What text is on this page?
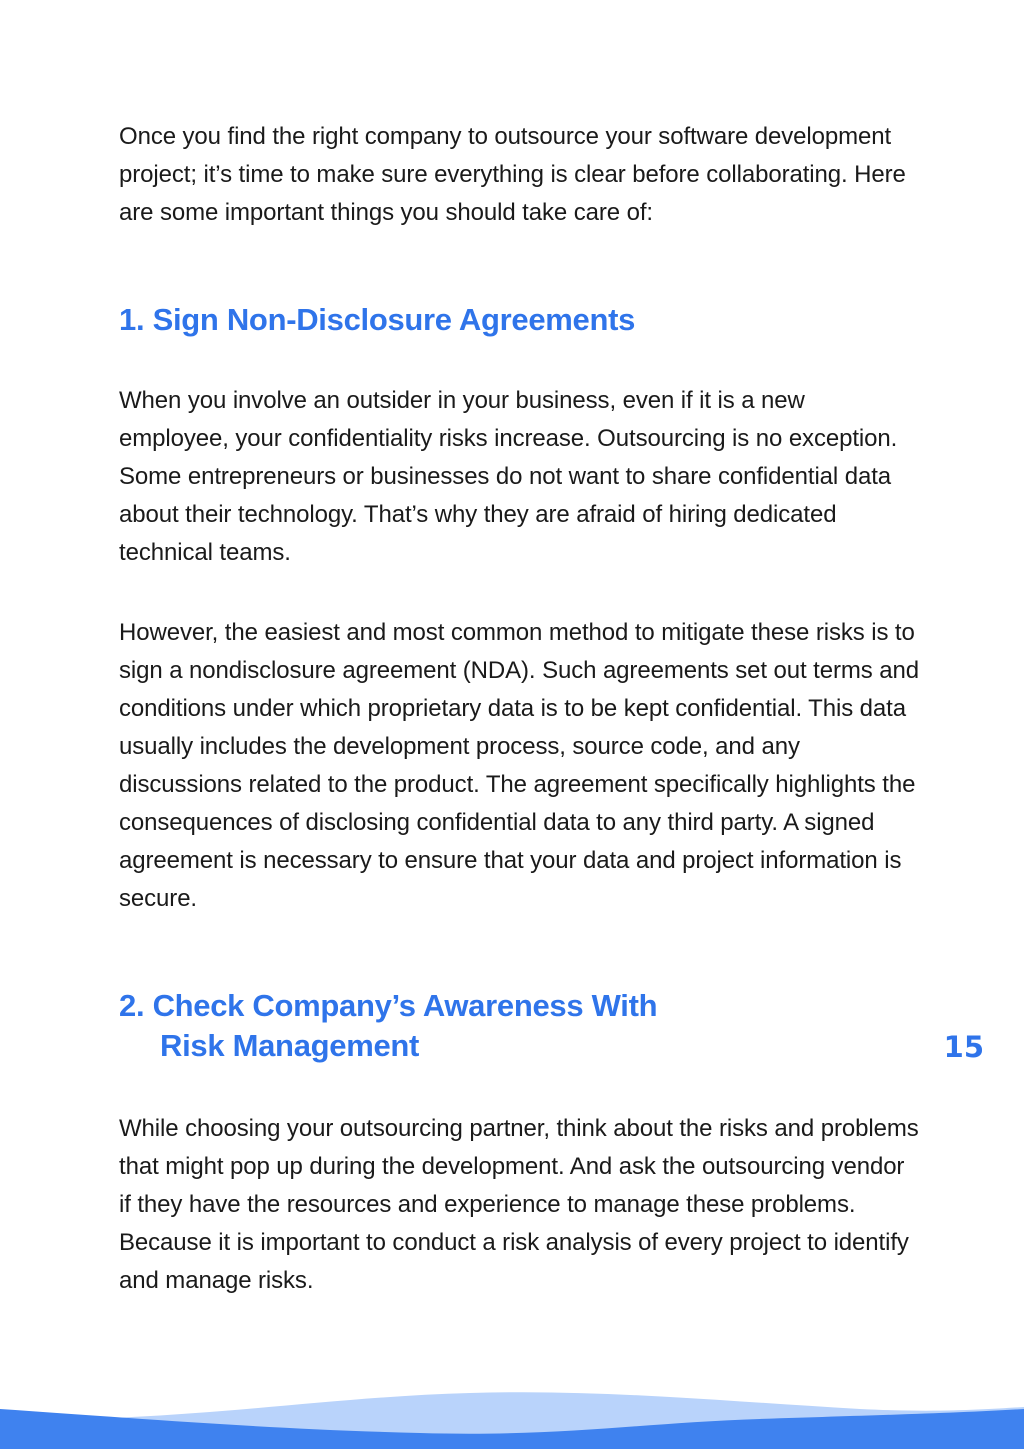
Once you find the right company to outsource your software development project; it’s time to make sure everything is clear before collaborating. Here are some important things you should take care of:

1. Sign Non-Disclosure Agreements

When you involve an outsider in your business, even if it is a new employee, your confidentiality risks increase. Outsourcing is no exception. Some entrepreneurs or businesses do not want to share confidential data about their technology. That’s why they are afraid of hiring dedicated technical teams.

However, the easiest and most common method to mitigate these risks is to sign a nondisclosure agreement (NDA). Such agreements set out terms and conditions under which proprietary data is to be kept confidential. This data usually includes the development process, source code, and any discussions related to the product. The agreement specifically highlights the consequences of disclosing confidential data to any third party. A signed agreement is necessary to ensure that your data and project information is secure.

2. Check Company’s Awareness With
Risk Management

While choosing your outsourcing partner, think about the risks and problems that might pop up during the development. And ask the outsourcing vendor if they have the resources and experience to manage these problems. Because it is important to conduct a risk analysis of every project to identify and manage risks.

15
